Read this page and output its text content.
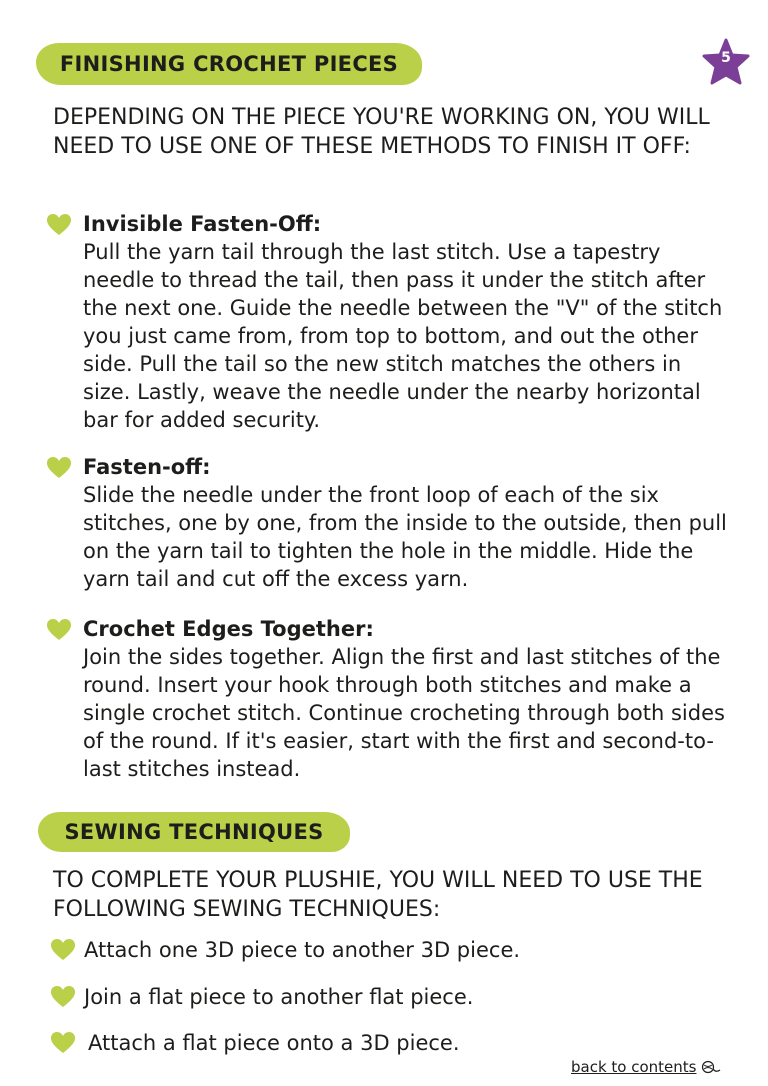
FINISHING CROCHET PIECES	5

DEPENDING ON THE PIECE YOU'RE WORKING ON, YOU WILL NEED TO USE ONE OF THESE METHODS TO FINISH IT OFF:

Invisible Fasten-Off:

Pull the yarn tail through the last stitch. Use a tapestry needle to thread the tail, then pass it under the stitch after the next one. Guide the needle between the "V" of the stitch you just came from, from top to bottom, and out the other side. Pull the tail so the new stitch matches the others in size. Lastly, weave the needle under the nearby horizontal bar for added security.

Fasten-off:

Slide the needle under the front loop of each of the six stitches, one by one, from the inside to the outside, then pull on the yarn tail to tighten the hole in the middle. Hide the yarn tail and cut off the excess yarn.

Crochet Edges Together:

Join the sides together. Align the first and last stitches of the round. Insert your hook through both stitches and make a single crochet stitch. Continue crocheting through both sides of the round. If it's easier, start with the first and second-to-last stitches instead.

SEWING TECHNIQUES

TO COMPLETE YOUR PLUSHIE, YOU WILL NEED TO USE THE FOLLOWING SEWING TECHNIQUES:

Attach one 3D piece to another 3D piece.
Join a flat piece to another flat piece.
Attach a flat piece onto a 3D piece.
back to contents
